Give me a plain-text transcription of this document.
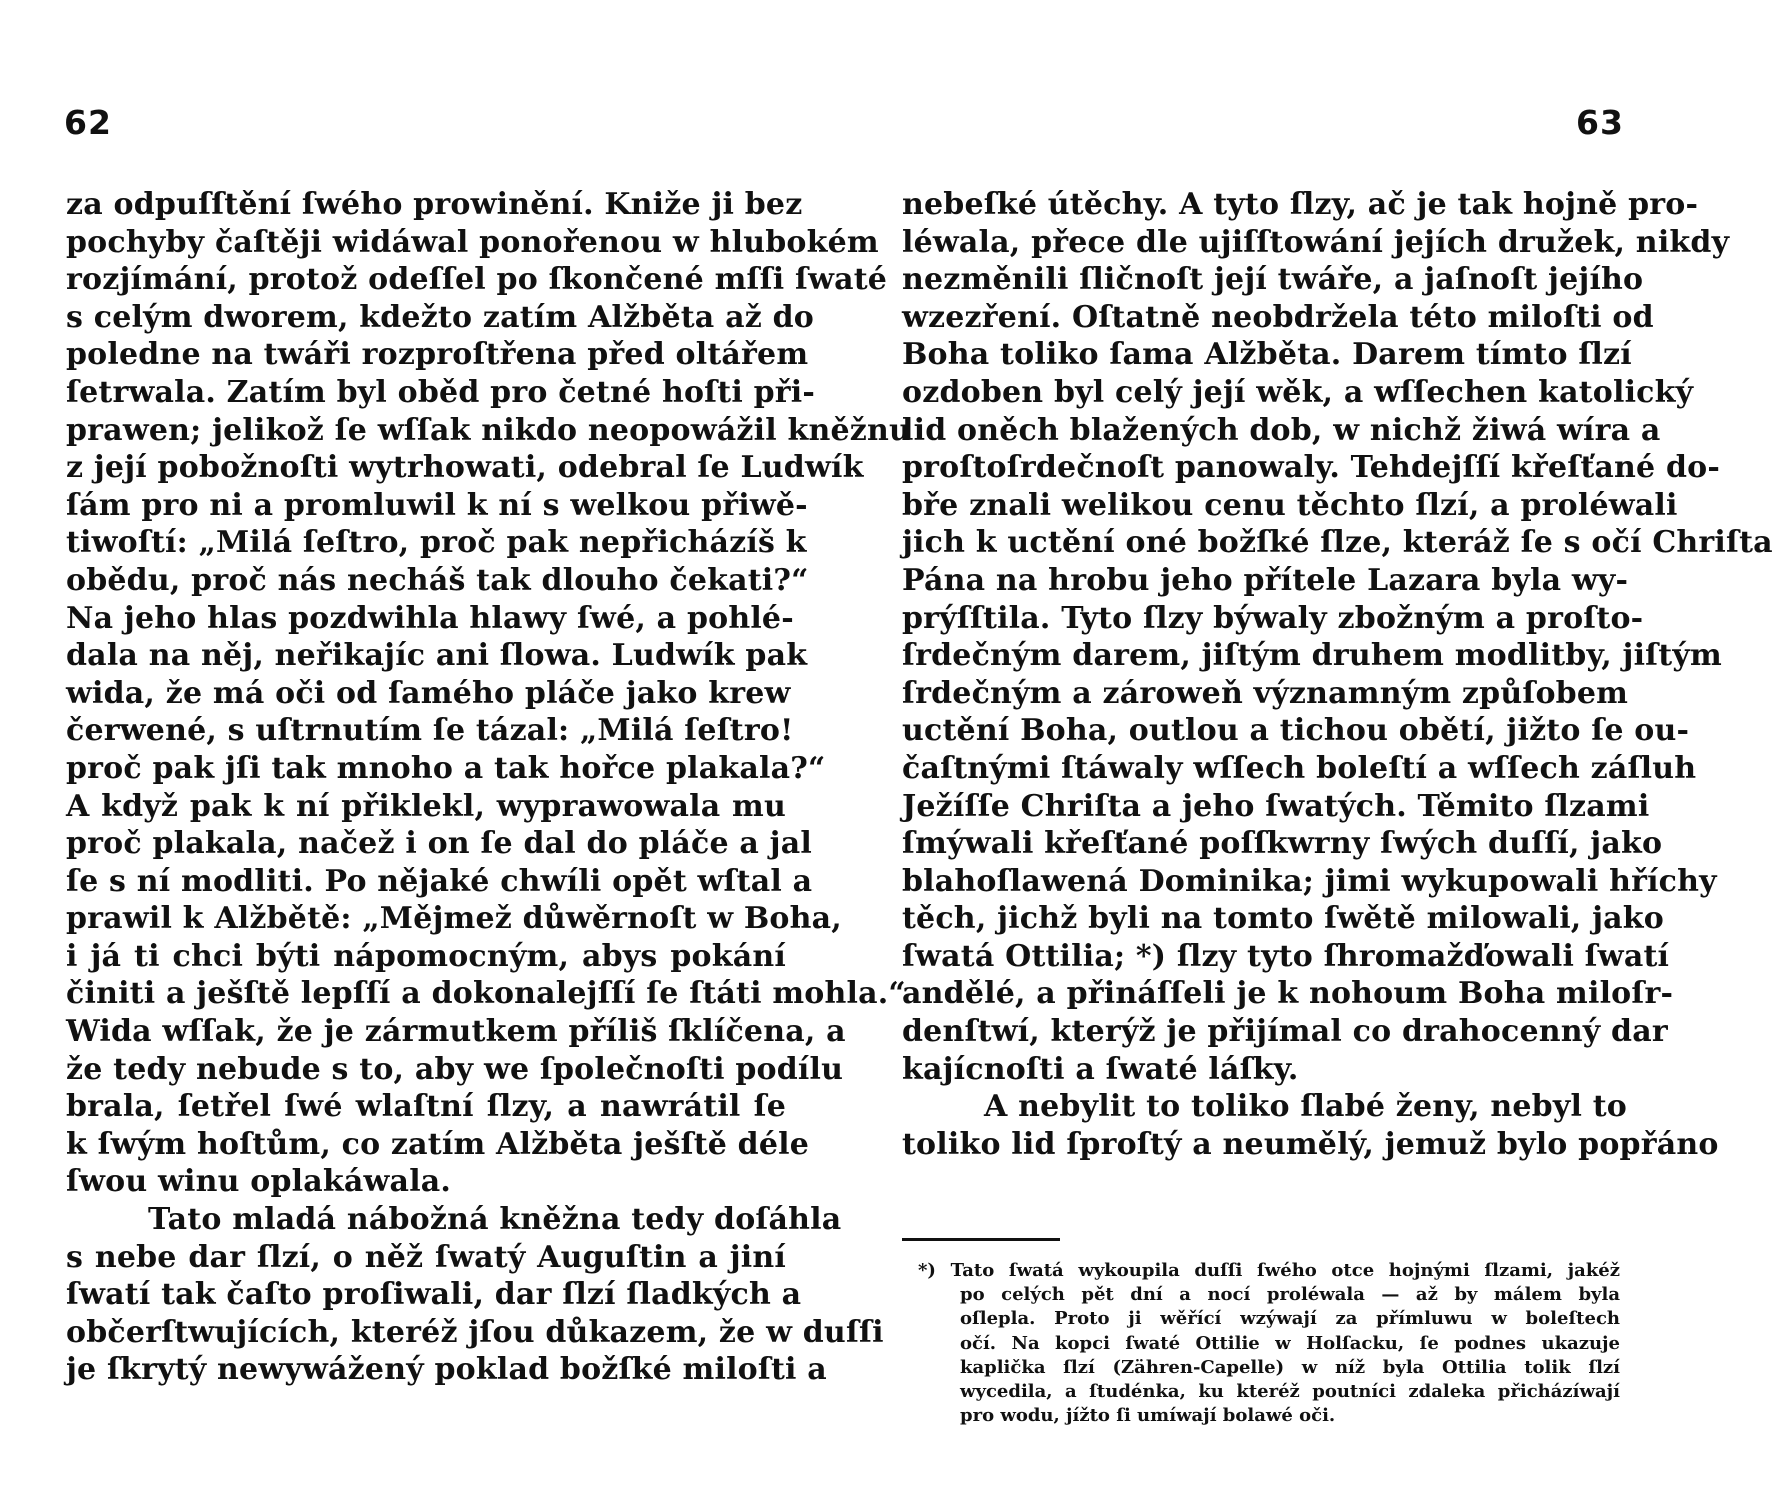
62	63
za odpuſſtění ſwého prowinění. Kniže ji bez
pochyby čaſtěji widáwal ponořenou w hlubokém
rozjímání, protož odeſſel po ſkončené mſſi ſwaté
s celým dworem, kdežto zatím Alžběta až do
poledne na twáři rozproſtřena před oltářem
ſetrwala. Zatím byl oběd pro četné hoſti při-
prawen; jelikož ſe wſſak nikdo neopowážil kněžnu
z její pobožnoſti wytrhowati, odebral ſe Ludwík
ſám pro ni a promluwil k ní s welkou přiwě-
tiwoſtí: „Milá ſeſtro, proč pak nepřicházíš k
obědu, proč nás necháš tak dlouho čekati?“
Na jeho hlas pozdwihla hlawy ſwé, a pohlé-
dala na něj, neřikajíc ani ſlowa. Ludwík pak
wida, že má oči od ſamého pláče jako krew
čerwené, s uſtrnutím ſe tázal: „Milá ſeſtro!
proč pak jſi tak mnoho a tak hořce plakala?“
A když pak k ní přiklekl, wyprawowala mu
proč plakala, načež i on ſe dal do pláče a jal
ſe s ní modliti. Po nějaké chwíli opět wſtal a
prawil k Alžbětě: „Mějmež důwěrnoſt w Boha,
i já ti chci býti nápomocným, abys pokání
činiti a ješſtě lepſſí a dokonalejſſí ſe ſtáti mohla.“
Wida wſſak, že je zármutkem příliš ſklíčena, a
že tedy nebude s to, aby we ſpolečnoſti podílu
brala, ſetřel ſwé wlaſtní ſlzy, a nawrátil ſe
k ſwým hoſtům, co zatím Alžběta ješſtě déle
ſwou winu oplakáwala.
Tato mladá nábožná kněžna tedy doſáhla
s nebe dar ſlzí, o něž ſwatý Auguſtin a jiní
ſwatí tak čaſto proſiwali, dar ſlzí ſladkých a
občerſtwujících, kteréž jſou důkazem, že w duſſi
je ſkrytý newywážený poklad božſké miloſti a
nebeſké útěchy. A tyto ſlzy, ač je tak hojně pro-
léwala, přece dle ujiſſtowání jejích družek, nikdy
nezměnili ſličnoſt její twáře, a jaſnoſt jejího
wzezření. Oſtatně neobdržela této miloſti od
Boha toliko ſama Alžběta. Darem tímto ſlzí
ozdoben byl celý její wěk, a wſſechen katolický
lid oněch blažených dob, w nichž žiwá wíra a
proſtoſrdečnoſt panowaly. Tehdejſſí křeſťané do-
bře znali welikou cenu těchto ſlzí, a proléwali
jich k uctění oné božſké ſlze, kteráž ſe s očí Chriſta
Pána na hrobu jeho přítele Lazara byla wy-
prýſſtila. Tyto ſlzy býwaly zbožným a proſto-
ſrdečným darem, jiſtým druhem modlitby, jiſtým
ſrdečným a zároweň významným způſobem
uctění Boha, outlou a tichou obětí, jižto ſe ou-
čaſtnými ſtáwaly wſſech boleſtí a wſſech záſluh
Ježíſſe Chriſta a jeho ſwatých. Těmito ſlzami
ſmýwali křeſťané poſſkwrny ſwých duſſí, jako
blahoſlawená Dominika; jimi wykupowali hříchy
těch, jichž byli na tomto ſwětě milowali, jako
ſwatá Ottilia; *) ſlzy tyto ſhromažďowali ſwatí
andělé, a přináſſeli je k nohoum Boha miloſr-
denſtwí, kterýž je přijímal co drahocenný dar
kajícnoſti a ſwaté láſky.
A nebylit to toliko ſlabé ženy, nebyl to
toliko lid ſproſtý a neumělý, jemuž bylo popřáno
*) Tato ſwatá wykoupila duſſi ſwého otce hojnými ſlzami, jakéž
po celých pět dní a nocí proléwala — až by málem byla
oſlepla. Proto ji wěřící wzýwají za přímluwu w boleſtech
očí. Na kopci ſwaté Ottilie w Holſacku, ſe podnes ukazuje
kaplička ſlzí (Zähren-Capelle) w níž byla Ottilia tolik ſlzí
wycedila, a ſtudénka, ku kteréž poutníci zdaleka přicházíwají
pro wodu, jížto ſi umíwají bolawé oči.
